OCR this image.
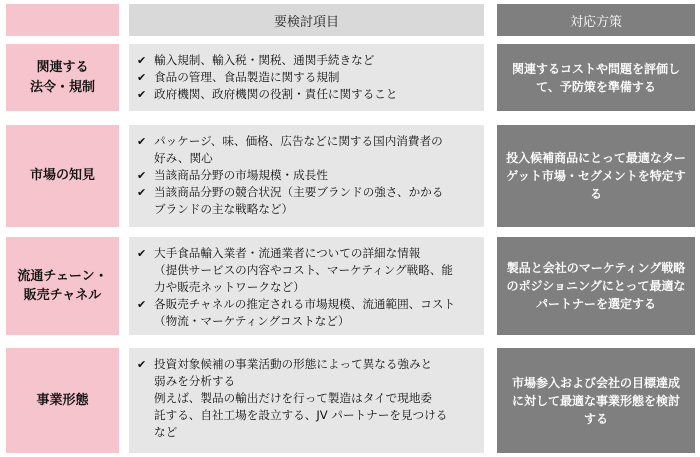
要検討項目	対応方策
関連する
法令・規制
✔ 輸入規制、輸入税・関税、通関手続きなど
✔ 食品の管理、食品製造に関する規制
✔ 政府機関、政府機関の役割・責任に関すること
関連するコストや問題を評価し
て、予防策を準備する
市場の知見
✔ パッケージ、味、価格、広告などに関する国内消費者の
好み、関心
✔ 当該商品分野の市場規模・成長性
✔ 当該商品分野の競合状況（主要ブランドの強さ、かかる
ブランドの主な戦略など）
投入候補商品にとって最適なター
ゲット市場・セグメントを特定する
流通チェーン・
販売チャネル
✔ 大手食品輸入業者・流通業者についての詳細な情報
（提供サービスの内容やコスト、マーケティング戦略、能
力や販売ネットワークなど）
✔ 各販売チャネルの推定される市場規模、流通範囲、コスト
（物流・マーケティングコストなど）
製品と会社のマーケティング戦略
のポジショニングにとって最適な
パートナーを選定する
事業形態
✔ 投資対象候補の事業活動の形態によって異なる強みと
弱みを分析する
例えば、製品の輸出だけを行って製造はタイで現地委
託する、自社工場を設立する、JV パートナーを見つける
など
市場参入および会社の目標達成
に対して最適な事業形態を検討
する
